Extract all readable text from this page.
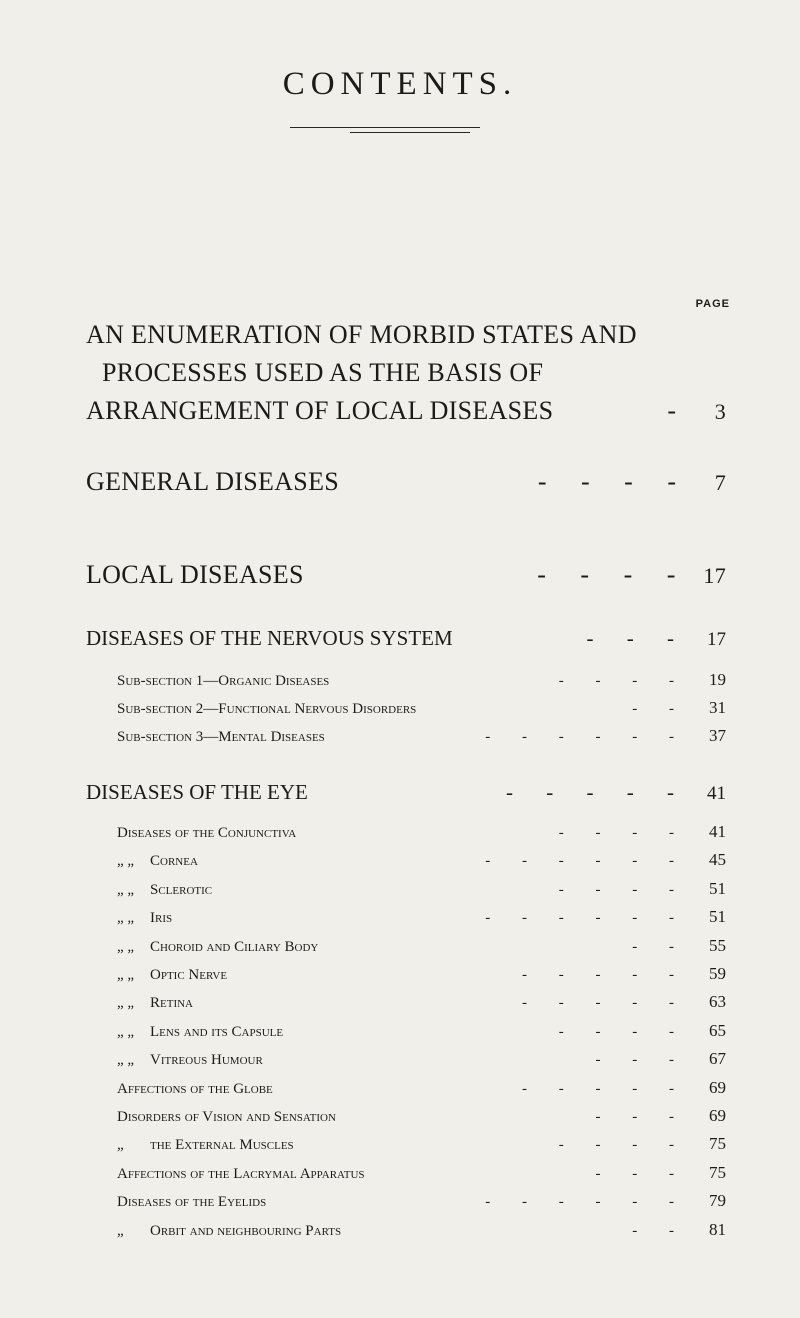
CONTENTS.
PAGE
AN ENUMERATION OF MORBID STATES AND
PROCESSES USED AS THE BASIS OF
ARRANGEMENT OF LOCAL DISEASES	-	3
GENERAL DISEASES	- - - -	7
LOCAL DISEASES	- - - - 17
DISEASES OF THE NERVOUS SYSTEM	- - - 17
Sub-section 1—Organic Diseases	- - - -	19
Sub-section 2—Functional Nervous Disorders	- -	31
Sub-section 3—Mental Diseases	- - - - - -	37
DISEASES OF THE EYE	- - - - - 41
Diseases of the Conjunctiva	- - - -	41
„ „	Cornea	- - - - - -	45
„ „	Sclerotic	- - - -	51
„ „	Iris	- - - - - -	51
„ „	Choroid and Ciliary Body	- -	55
„ „	Optic Nerve	- - - - -	59
„ „	Retina	- - - - -	63
„ „	Lens and its Capsule	- - - -	65
„ „	Vitreous Humour	- - -	67
Affections of the Globe	- - - - -	69
Disorders of Vision and Sensation	- - -	69
„	the External Muscles	- - - -	75
Affections of the Lacrymal Apparatus	- - -	75
Diseases of the Eyelids	- - - - - -	79
„	Orbit and neighbouring Parts	- -	81
